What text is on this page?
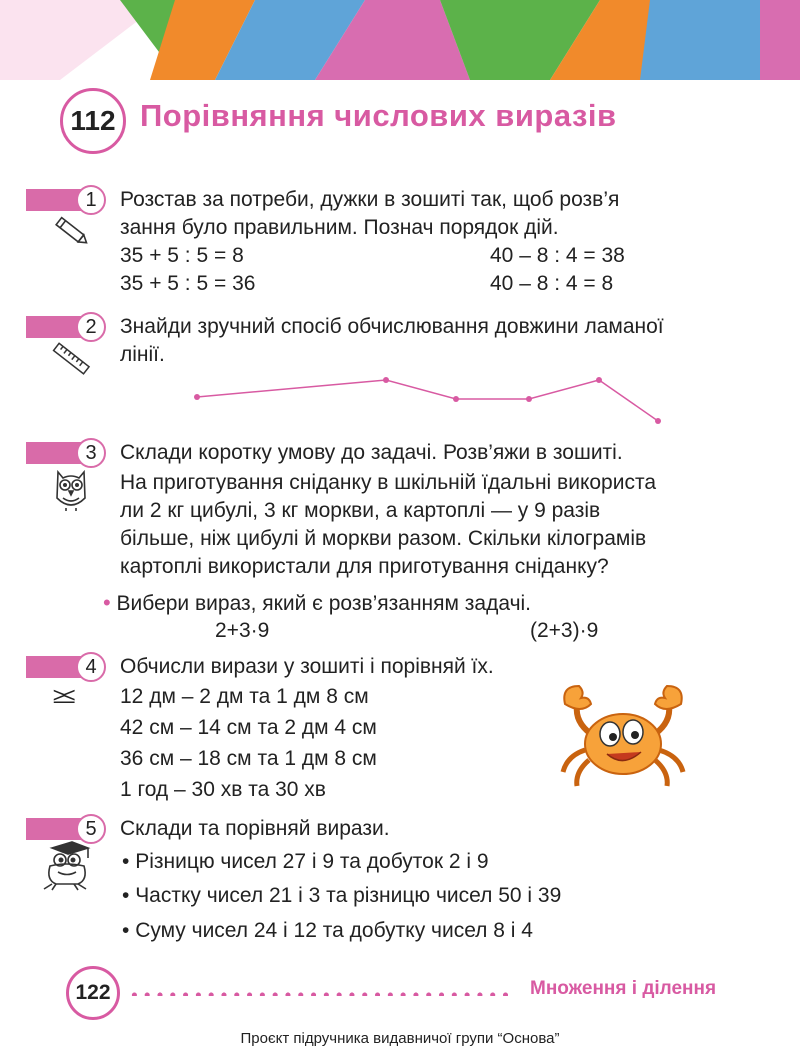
112 Порівняння числових виразів
1	Розстав за потреби, дужки в зошиті так, щоб розв’я
зання було правильним. Познач порядок дій.
35 + 5 : 5 = 8	40 – 8 : 4 = 38
35 + 5 : 5 = 36	40 – 8 : 4 = 8
2	Знайди зручний спосіб обчислювання довжини ламаної
лінії.
3	Склади коротку умову до задачі. Розв’яжи в зошиті.
На приготування сніданку в шкільній їдальні використа
ли 2 кг цибулі, 3 кг моркви, а картоплі — у 9 разів
більше, ніж цибулі й моркви разом. Скільки кілограмів
картоплі використали для приготування сніданку?
• Вибери вираз, який є розв’язанням задачі.
2+3·9	(2+3)·9
4
≥≤
Обчисли вирази у зошиті і порівняй їх.
12 дм – 2 дм та 1 дм 8 см
42 см – 14 см та 2 дм 4 см
36 см – 18 см та 1 дм 8 см
1 год – 30 хв та 30 хв
5	Склади та порівняй вирази.
• Різницю чисел 27 і 9 та добуток 2 і 9
• Частку чисел 21 і 3 та різницю чисел 50 і 39
• Суму чисел 24 і 12 та добутку чисел 8 і 4
122	Множення і ділення
Проєкт підручника видавничої групи “Основа”
